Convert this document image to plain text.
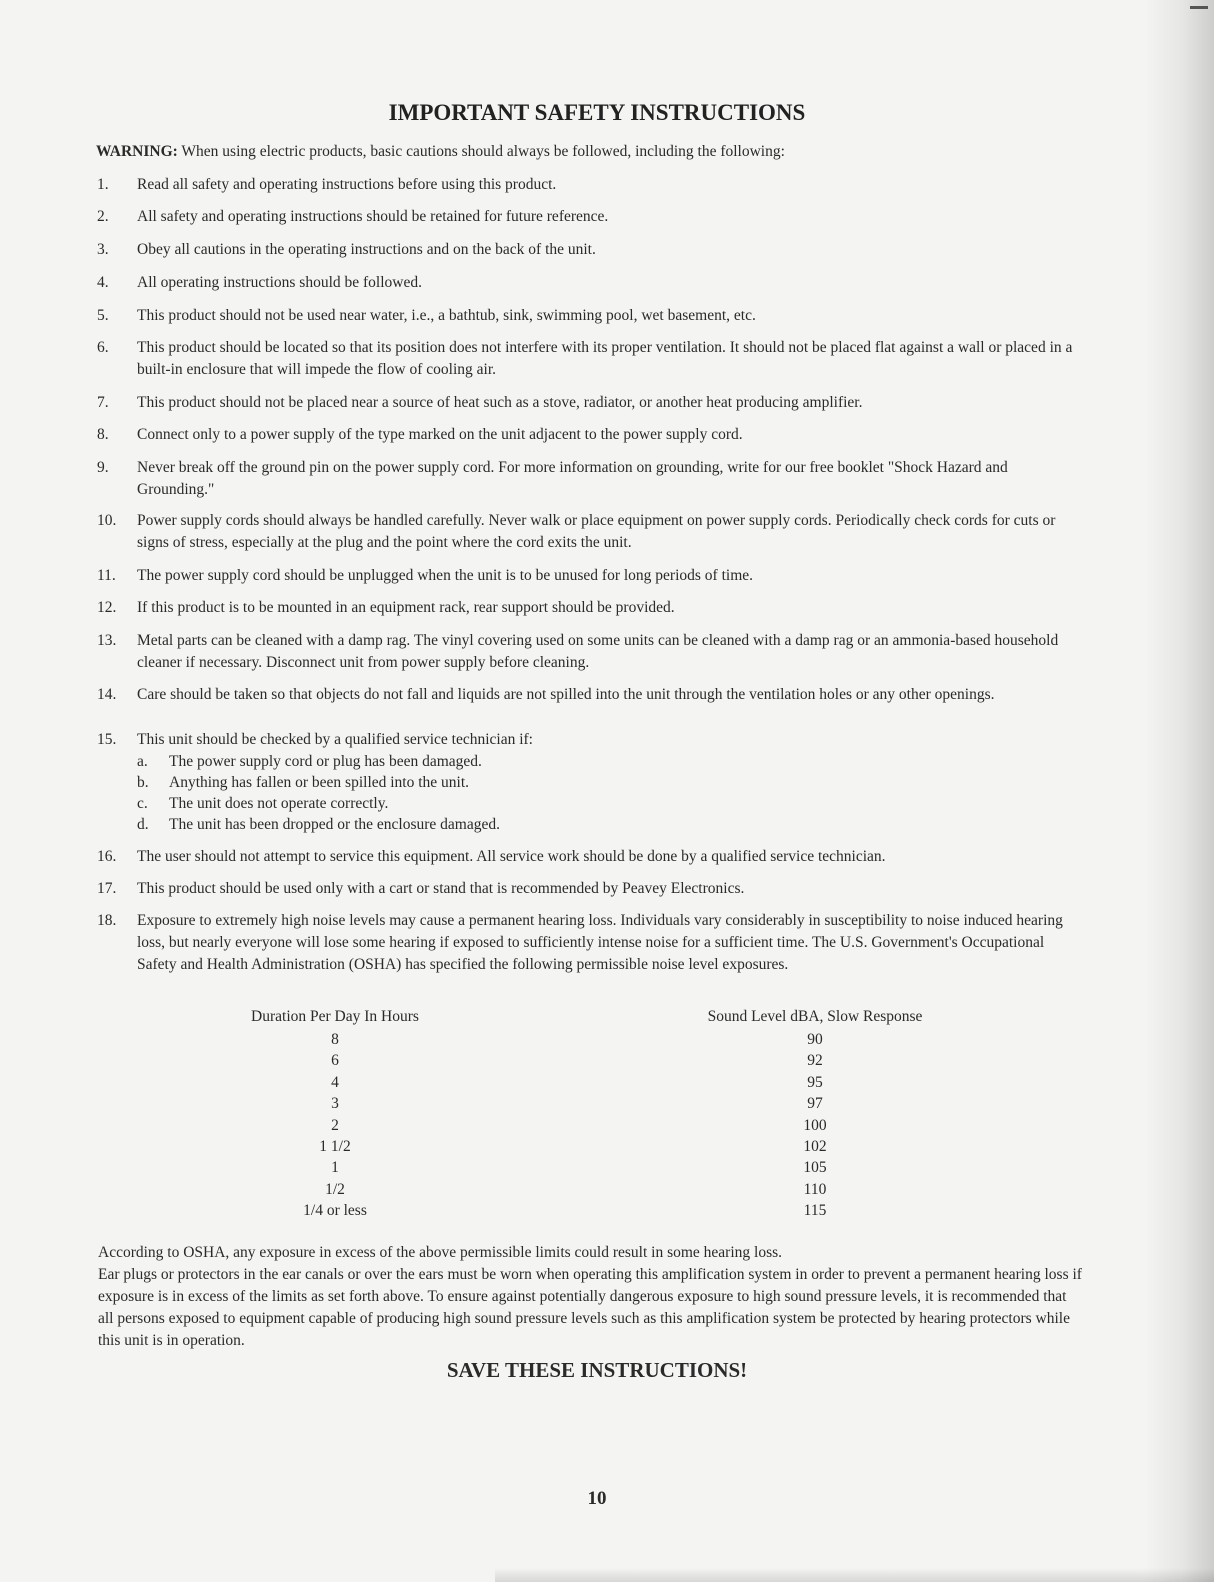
IMPORTANT SAFETY INSTRUCTIONS

WARNING: When using electric products, basic cautions should always be followed, including the following:

1.	Read all safety and operating instructions before using this product.
2.	All safety and operating instructions should be retained for future reference.
3.	Obey all cautions in the operating instructions and on the back of the unit.
4.	All operating instructions should be followed.
5.	This product should not be used near water, i.e., a bathtub, sink, swimming pool, wet basement, etc.
6.	This product should be located so that its position does not interfere with its proper ventilation. It should not be placed flat against a wall or placed in a built-in enclosure that will impede the flow of cooling air.
7.	This product should not be placed near a source of heat such as a stove, radiator, or another heat producing amplifier.
8.	Connect only to a power supply of the type marked on the unit adjacent to the power supply cord.
9.	Never break off the ground pin on the power supply cord. For more information on grounding, write for our free booklet "Shock Hazard and Grounding."
10.	Power supply cords should always be handled carefully. Never walk or place equipment on power supply cords. Periodically check cords for cuts or signs of stress, especially at the plug and the point where the cord exits the unit.
11.	The power supply cord should be unplugged when the unit is to be unused for long periods of time.
12.	If this product is to be mounted in an equipment rack, rear support should be provided.
13.	Metal parts can be cleaned with a damp rag. The vinyl covering used on some units can be cleaned with a damp rag or an ammonia-based household cleaner if necessary. Disconnect unit from power supply before cleaning.
14.	Care should be taken so that objects do not fall and liquids are not spilled into the unit through the ventilation holes or any other openings.
15.	This unit should be checked by a qualified service technician if:
a. The power supply cord or plug has been damaged.
b. Anything has fallen or been spilled into the unit.
c. The unit does not operate correctly.
d. The unit has been dropped or the enclosure damaged.
16.	The user should not attempt to service this equipment. All service work should be done by a qualified service technician.
17.	This product should be used only with a cart or stand that is recommended by Peavey Electronics.
18.	Exposure to extremely high noise levels may cause a permanent hearing loss. Individuals vary considerably in susceptibility to noise induced hearing loss, but nearly everyone will lose some hearing if exposed to sufficiently intense noise for a sufficient time. The U.S. Government's Occupational Safety and Health Administration (OSHA) has specified the following permissible noise level exposures.
Duration Per Day In Hours		Sound Level dBA, Slow Response
8		90
6		92
4		95
3		97
2		100
1 1/2		102
1		105
1/2		110
1/4 or less		115

According to OSHA, any exposure in excess of the above permissible limits could result in some hearing loss.

Ear plugs or protectors in the ear canals or over the ears must be worn when operating this amplification system in order to prevent a permanent hearing loss if exposure is in excess of the limits as set forth above. To ensure against potentially dangerous exposure to high sound pressure levels, it is recommended that all persons exposed to equipment capable of producing high sound pressure levels such as this amplification system be protected by hearing protectors while this unit is in operation.

SAVE THESE INSTRUCTIONS!
10
